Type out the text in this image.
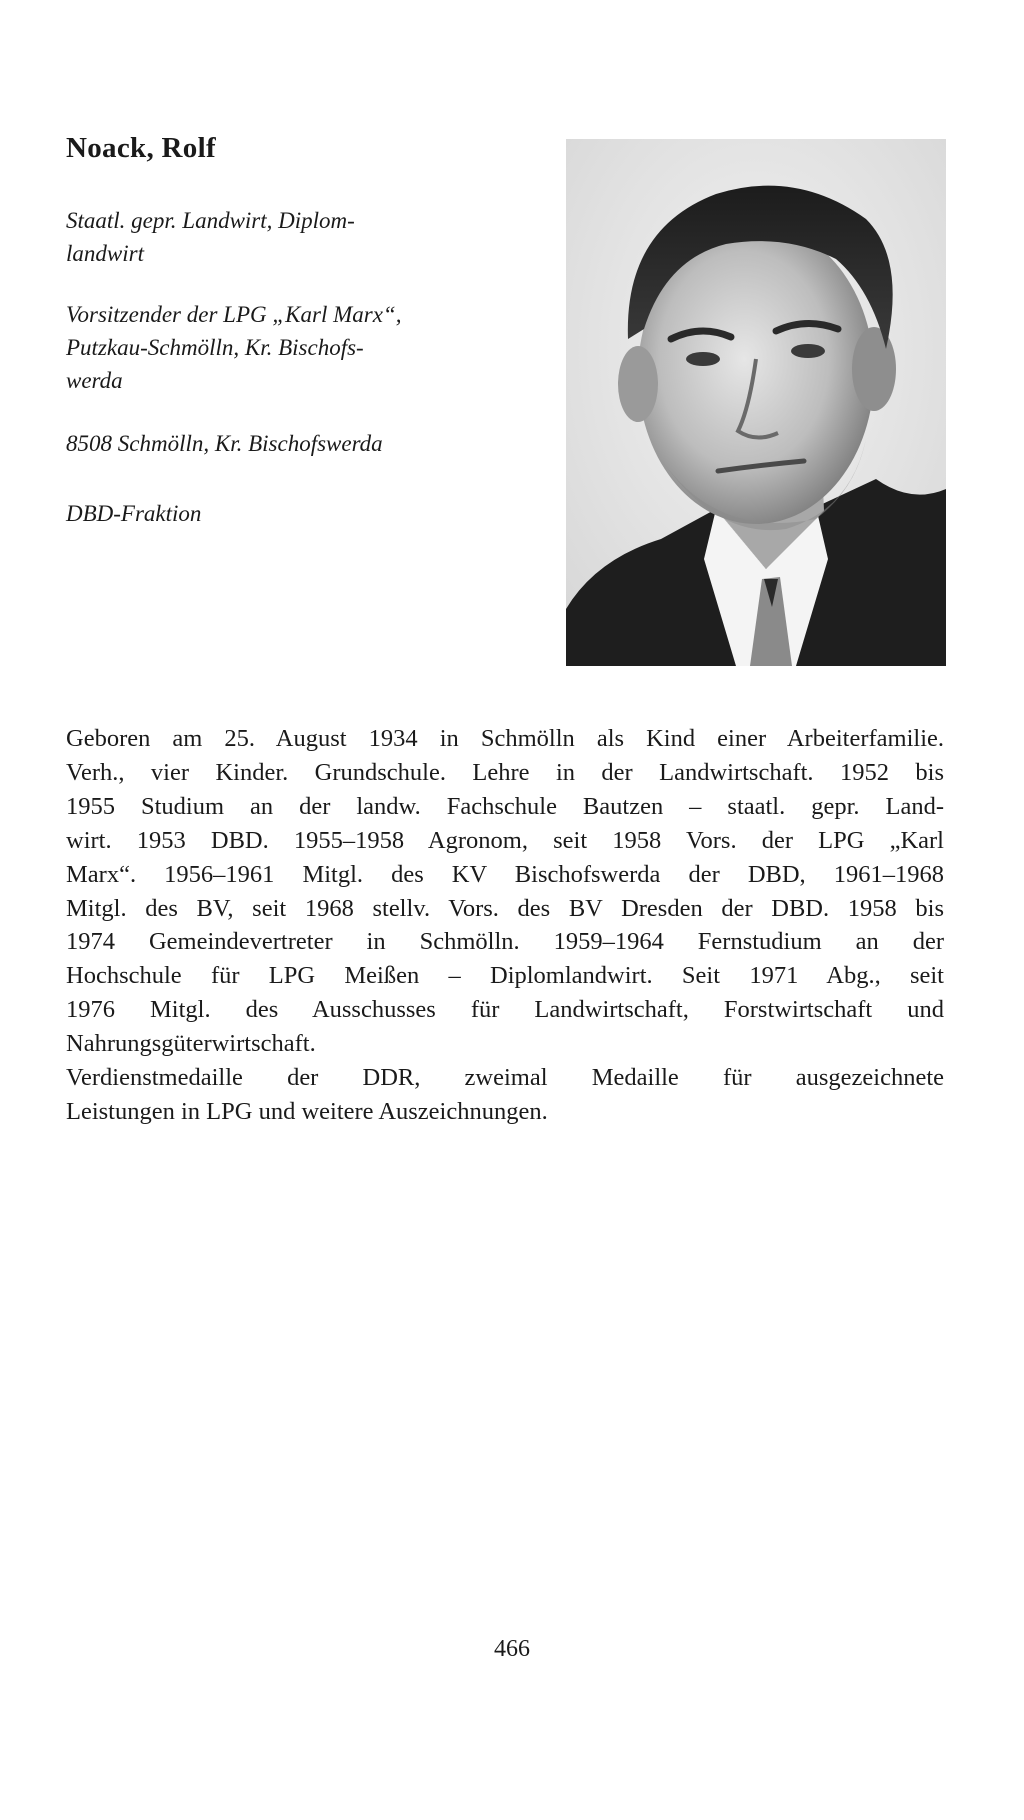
Noack, Rolf
Staatl. gepr. Landwirt, Diplom-
landwirt
Vorsitzender der LPG „Karl Marx“,
Putzkau-Schmölln, Kr. Bischofs-
werda
8508 Schmölln, Kr. Bischofswerda
DBD-Fraktion

Geboren am 25. August 1934 in Schmölln als Kind einer Arbeiterfamilie.

Verh., vier Kinder. Grundschule. Lehre in der Landwirtschaft. 1952 bis

1955 Studium an der landw. Fachschule Bautzen – staatl. gepr. Land-

wirt. 1953 DBD. 1955–1958 Agronom, seit 1958 Vors. der LPG „Karl

Marx“. 1956–1961 Mitgl. des KV Bischofswerda der DBD, 1961–1968

Mitgl. des BV, seit 1968 stellv. Vors. des BV Dresden der DBD. 1958 bis

1974 Gemeindevertreter in Schmölln. 1959–1964 Fernstudium an der

Hochschule für LPG Meißen – Diplomlandwirt. Seit 1971 Abg., seit

1976 Mitgl. des Ausschusses für Landwirtschaft, Forstwirtschaft und

Nahrungsgüterwirtschaft.

Verdienstmedaille der DDR, zweimal Medaille für ausgezeichnete

Leistungen in LPG und weitere Auszeichnungen.

466
